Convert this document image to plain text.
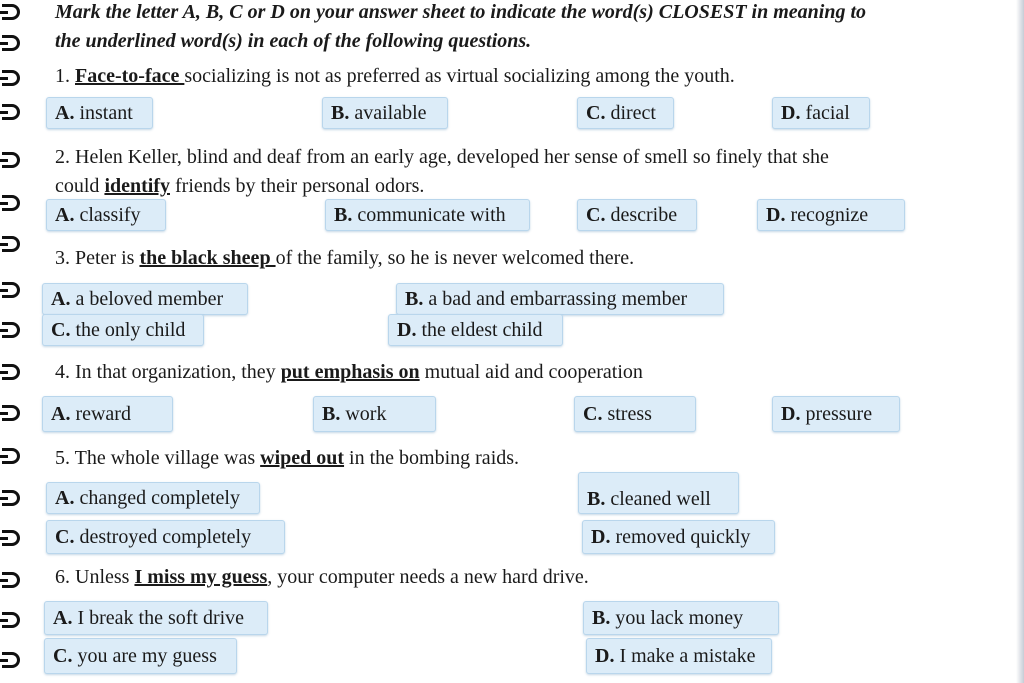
Mark the letter A, B, C or D on your answer sheet to indicate the word(s) CLOSEST in meaning to
the underlined word(s) in each of the following questions.
1. Face-to-face socializing is not as preferred as virtual socializing among the youth.
A. instant	B. available	C. direct	D. facial
2. Helen Keller, blind and deaf from an early age, developed her sense of smell so finely that she
could identify friends by their personal odors.
A. classify	B. communicate with	C. describe	D. recognize
3. Peter is the black sheep of the family, so he is never welcomed there.
A. a beloved member	B. a bad and embarrassing member
C. the only child	D. the eldest child
4. In that organization, they put emphasis on mutual aid and cooperation
A. reward	B. work	C. stress	D. pressure
5. The whole village was wiped out in the bombing raids.
A. changed completely	B. cleaned well
C. destroyed completely	D. removed quickly
6. Unless I miss my guess, your computer needs a new hard drive.
A. I break the soft drive	B. you lack money
C. you are my guess	D. I make a mistake
